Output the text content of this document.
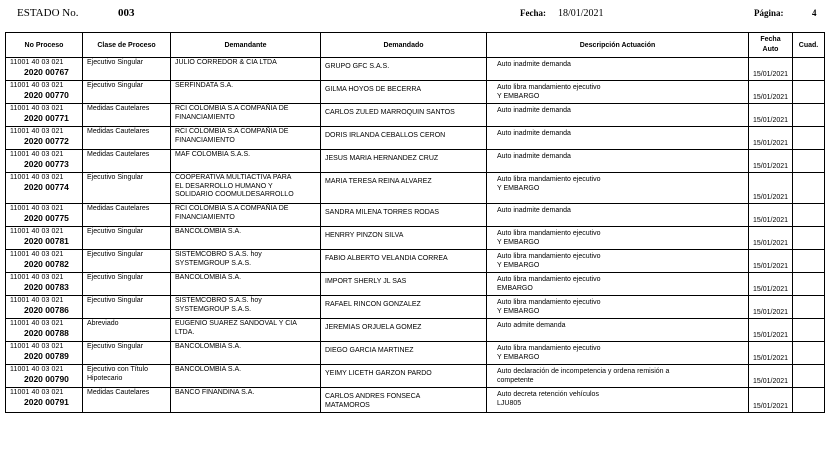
ESTADO No.	003	Fecha: 18/01/2021	Página:	4
No Proceso	Clase de Proceso	Demandante	Demandado	Descripción Actuación	Fecha
Auto	Cuad.

11001 40 03 021
2020 00767	Ejecutivo Singular	JULIO CORREDOR & CIA LTDA	GRUPO GFC S.A.S.	Auto inadmite demanda	15/01/2021	

11001 40 03 021
2020 00770	Ejecutivo Singular	SERFINDATA S.A.	GILMA HOYOS DE BECERRA	Auto libra mandamiento ejecutivo
Y EMBARGO	15/01/2021	

11001 40 03 021
2020 00771	Medidas Cautelares	RCI COLOMBIA S.A COMPAÑIA DE
FINANCIAMIENTO	CARLOS ZULED MARROQUIN SANTOS	Auto inadmite demanda	15/01/2021	

11001 40 03 021
2020 00772	Medidas Cautelares	RCI COLOMBIA S.A COMPAÑIA DE
FINANCIAMIENTO	DORIS IRLANDA CEBALLOS CERON	Auto inadmite demanda	15/01/2021	

11001 40 03 021
2020 00773	Medidas Cautelares	MAF COLOMBIA S.A.S.	JESUS MARIA HERNANDEZ CRUZ	Auto inadmite demanda	15/01/2021	

11001 40 03 021
2020 00774	Ejecutivo Singular	COOPERATIVA MULTIACTIVA PARA
EL DESARROLLO HUMANO Y
SOLIDARIO COOMULDESARROLLO	MARIA TERESA REINA ALVAREZ	Auto libra mandamiento ejecutivo
Y EMBARGO	15/01/2021	

11001 40 03 021
2020 00775	Medidas Cautelares	RCI COLOMBIA S.A COMPAÑIA DE
FINANCIAMIENTO	SANDRA MILENA TORRES RODAS	Auto inadmite demanda	15/01/2021	

11001 40 03 021
2020 00781	Ejecutivo Singular	BANCOLOMBIA S.A.	HENRRY PINZON SILVA	Auto libra mandamiento ejecutivo
Y EMBARGO	15/01/2021	

11001 40 03 021
2020 00782	Ejecutivo Singular	SISTEMCOBRO S.A.S. hoy
SYSTEMGROUP S.A.S.	FABIO ALBERTO VELANDIA CORREA	Auto libra mandamiento ejecutivo
Y EMBARGO	15/01/2021	

11001 40 03 021
2020 00783	Ejecutivo Singular	BANCOLOMBIA S.A.	IMPORT SHERLY JL SAS	Auto libra mandamiento ejecutivo
EMBARGO	15/01/2021	

11001 40 03 021
2020 00786	Ejecutivo Singular	SISTEMCOBRO S.A.S. hoy
SYSTEMGROUP S.A.S.	RAFAEL RINCON GONZALEZ	Auto libra mandamiento ejecutivo
Y EMBARGO	15/01/2021	

11001 40 03 021
2020 00788	Abreviado	EUGENIO SUAREZ SANDOVAL Y CIA
LTDA.	JEREMIAS ORJUELA GOMEZ	Auto admite demanda	15/01/2021	

11001 40 03 021
2020 00789	Ejecutivo Singular	BANCOLOMBIA S.A.	DIEGO GARCIA MARTINEZ	Auto libra mandamiento ejecutivo
Y EMBARGO	15/01/2021	

11001 40 03 021
2020 00790	Ejecutivo con Título
Hipotecario	BANCOLOMBIA S.A.	YEIMY LICETH GARZON PARDO	Auto declaración de incompetencia y ordena remisión a
competente	15/01/2021	

11001 40 03 021
2020 00791	Medidas Cautelares	BANCO FINANDINA S.A.	CARLOS ANDRES FONSECA
MATAMOROS	Auto decreta retención vehículos
LJU805	15/01/2021	
